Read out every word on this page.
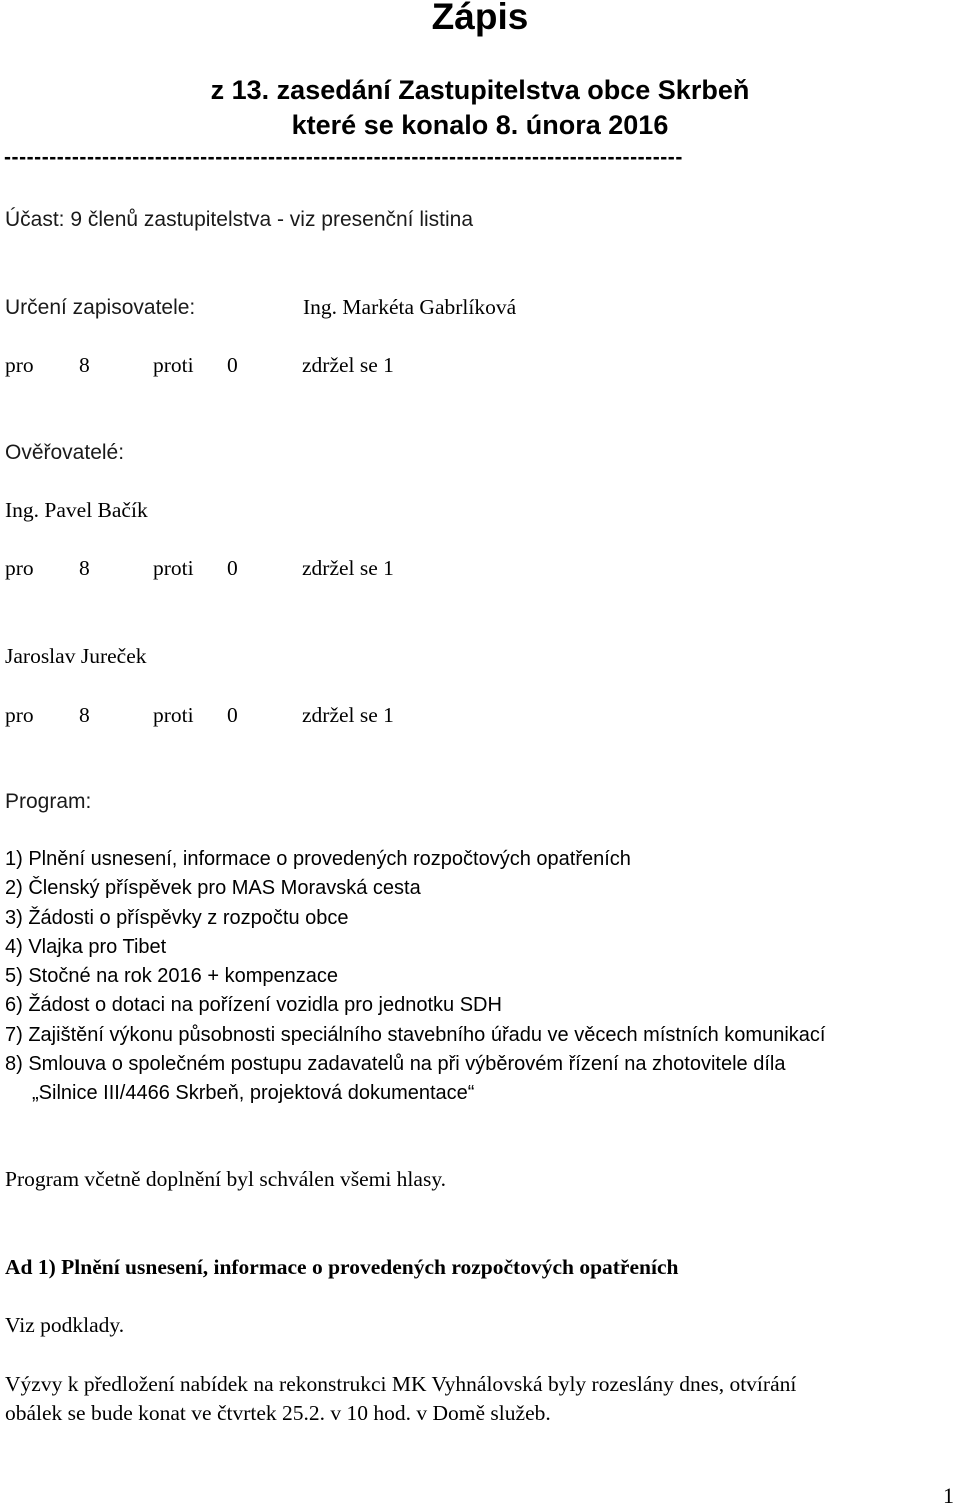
Zápis
z 13. zasedání Zastupitelstva obce Skrbeň
které se konalo 8. února 2016
------------------------------------------------------------------------------------------
Účast: 9 členů zastupitelstva - viz presenční listina
Určení zapisovatele:	Ing. Markéta Gabrlíková
pro 8	proti 0	zdržel se 1
Ověřovatelé:
Ing. Pavel Bačík
pro 8	proti 0	zdržel se 1
Jaroslav Jureček
pro 8	proti 0	zdržel se 1
Program:
1) Plnění usnesení, informace o provedených rozpočtových opatřeních
2) Členský příspěvek pro MAS Moravská cesta
3) Žádosti o příspěvky z rozpočtu obce
4) Vlajka pro Tibet
5) Stočné na rok 2016 + kompenzace
6) Žádost o dotaci na pořízení vozidla pro jednotku SDH
7) Zajištění výkonu působnosti speciálního stavebního úřadu ve věcech místních komunikací
8) Smlouva o společném postupu zadavatelů na při výběrovém řízení na zhotovitele díla
„Silnice III/4466 Skrbeň, projektová dokumentace“
Program včetně doplnění byl schválen všemi hlasy.
Ad 1) Plnění usnesení, informace o provedených rozpočtových opatřeních
Viz podklady.
Výzvy k předložení nabídek na rekonstrukci MK Vyhnálovská byly rozeslány dnes, otvírání
obálek se bude konat ve čtvrtek 25.2. v 10 hod. v Domě služeb.
1
